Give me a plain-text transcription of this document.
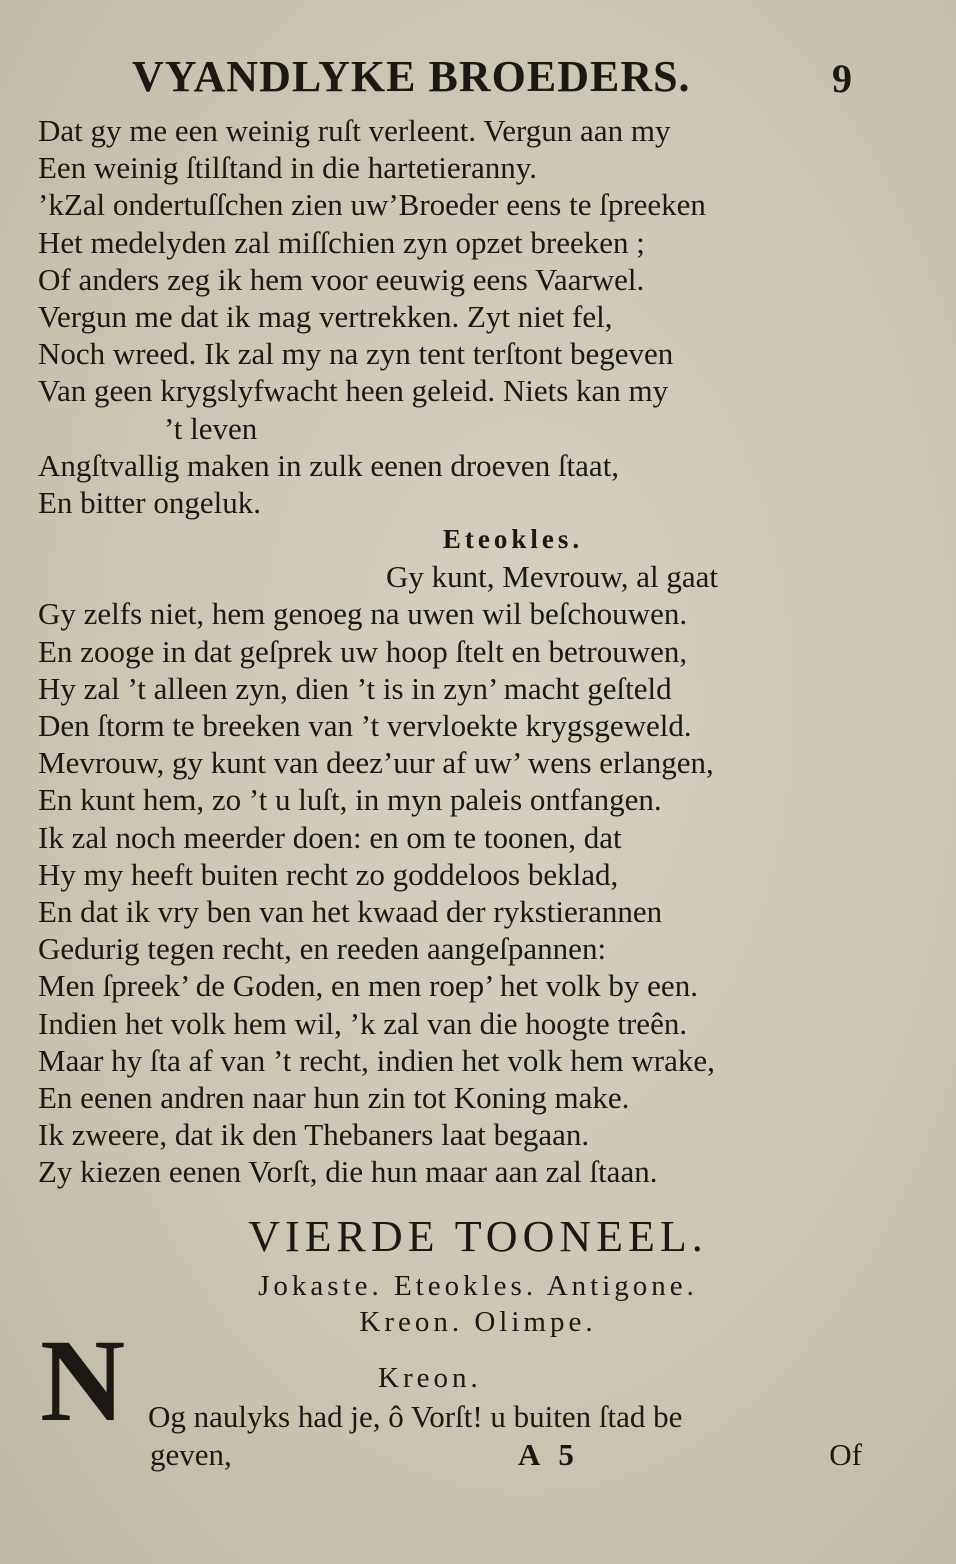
VYANDLYKE BROEDERS.	9
Dat gy me een weinig ruſt verleent. Vergun aan my
Een weinig ſtilſtand in die hartetieranny.
’kZal ondertuſſchen zien uw’Broeder eens te ſpreeken
Het medelyden zal miſſchien zyn opzet breeken ;
Of anders zeg ik hem voor eeuwig eens Vaarwel.
Vergun me dat ik mag vertrekken. Zyt niet fel,
Noch wreed. Ik zal my na zyn tent terſtont begeven
Van geen krygslyfwacht heen geleid. Niets kan my
’t leven
Angſtvallig maken in zulk eenen droeven ſtaat,
En bitter ongeluk.
Eteokles.
Gy kunt, Mevrouw, al gaat
Gy zelfs niet, hem genoeg na uwen wil beſchouwen.
En zooge in dat geſprek uw hoop ſtelt en betrouwen,
Hy zal ’t alleen zyn, dien ’t is in zyn’ macht geſteld
Den ſtorm te breeken van ’t vervloekte krygsgeweld.
Mevrouw, gy kunt van deez’uur af uw’ wens erlangen,
En kunt hem, zo ’t u luſt, in myn paleis ontfangen.
Ik zal noch meerder doen: en om te toonen, dat
Hy my heeft buiten recht zo goddeloos beklad,
En dat ik vry ben van het kwaad der rykstierannen
Gedurig tegen recht, en reeden aangeſpannen:
Men ſpreek’ de Goden, en men roep’ het volk by een.
Indien het volk hem wil, ’k zal van die hoogte treên.
Maar hy ſta af van ’t recht, indien het volk hem wrake,
En eenen andren naar hun zin tot Koning make.
Ik zweere, dat ik den Thebaners laat begaan.
Zy kiezen eenen Vorſt, die hun maar aan zal ſtaan.
VIERDE TOONEEL.
Jokaste. Eteokles. Antigone.
Kreon. Olimpe.
N	Kreon.
Og naulyks had je, ô Vorſt! u buiten ſtad be
geven,	A 5	Of
